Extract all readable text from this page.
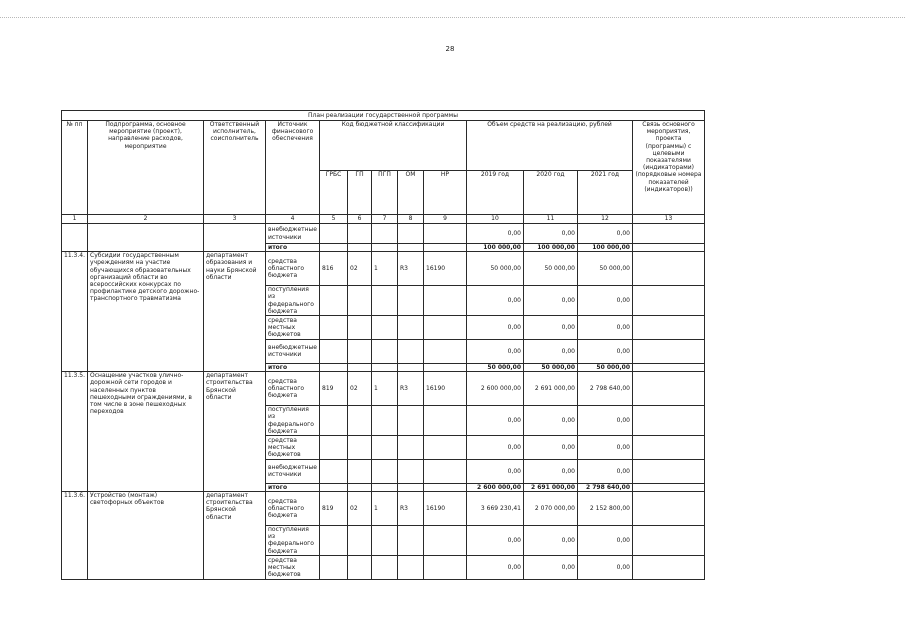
28
План реализации государственной программы												
№ пп	Подпрограмма, основное мероприятие (проект), направление расходов, мероприятие	Ответственный исполнитель, соисполнитель	Источник финансового обеспечения	Код бюджетной классификации					Объем средств на реализацию, рублей			Связь основного мероприятия, проекта (программы) с целевыми показателями (индикаторами) (порядковые номера показателей (индикаторов))
				ГРБС	ГП	ПГП	ОМ	НР	2019 год	2020 год	2021 год	
1	2	3	4	5	6	7	8	9	10	11	12	13
			внебюджетные источники						0,00	0,00	0,00	
			итого						100 000,00	100 000,00	100 000,00	
11.3.4.	Субсидии государственным учреждениям на участие обучающихся образовательных организаций области во всероссийских конкурсах по профилактике детского дорожно-транспортного травматизма	департамент образования и науки Брянской области	средства областного бюджета	816	02	1	R3	16190	50 000,00	50 000,00	50 000,00	
			поступления из федерального бюджета						0,00	0,00	0,00	
			средства местных бюджетов						0,00	0,00	0,00	
			внебюджетные источники						0,00	0,00	0,00	
			итого						50 000,00	50 000,00	50 000,00	
11.3.5.	Оснащение участков улично-дорожной сети городов и населенных пунктов пешеходными ограждениями, в том числе в зоне пешеходных переходов	департамент строительства Брянской области	средства областного бюджета	819	02	1	R3	16190	2 600 000,00	2 691 000,00	2 798 640,00	
			поступления из федерального бюджета						0,00	0,00	0,00	
			средства местных бюджетов						0,00	0,00	0,00	
			внебюджетные источники						0,00	0,00	0,00	
			итого						2 600 000,00	2 691 000,00	2 798 640,00	
11.3.6.	Устройство (монтаж) светофорных объектов	департамент строительства Брянской области	средства областного бюджета	819	02	1	R3	16190	3 669 230,41	2 070 000,00	2 152 800,00	
			поступления из федерального бюджета						0,00	0,00	0,00	
			средства местных бюджетов						0,00	0,00	0,00	
